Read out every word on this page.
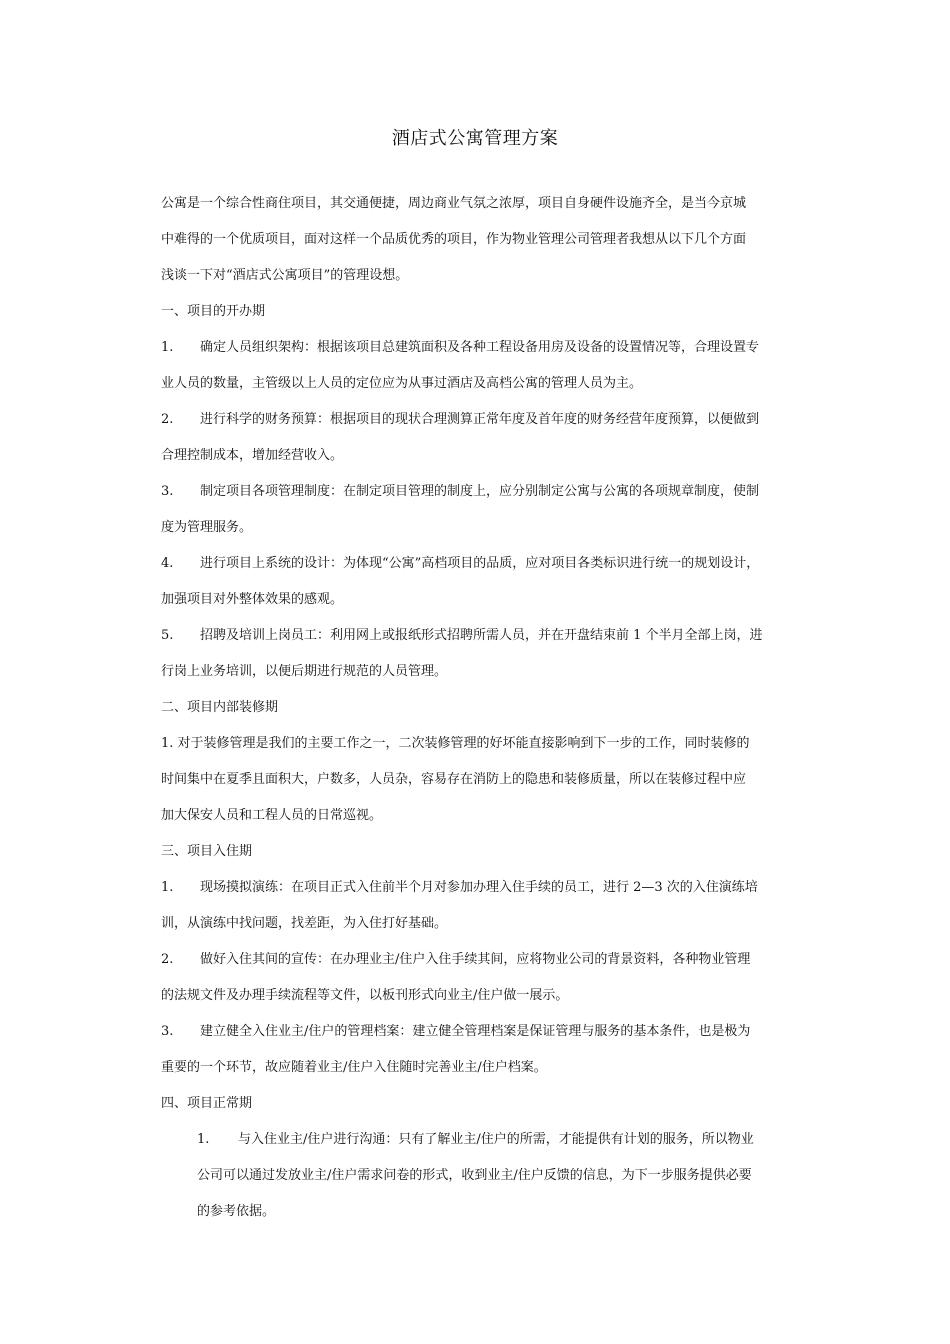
酒店式公寓管理方案
公寓是一个综合性商住项目，其交通便捷，周边商业气氛之浓厚，项目自身硬件设施齐全，是当今京城
中难得的一个优质项目，面对这样一个品质优秀的项目，作为物业管理公司管理者我想从以下几个方面
浅谈一下对“酒店式公寓项目”的管理设想。
一、项目的开办期
1. 确定人员组织架构：根据该项目总建筑面积及各种工程设备用房及设备的设置情况等，合理设置专
业人员的数量，主管级以上人员的定位应为从事过酒店及高档公寓的管理人员为主。
2. 进行科学的财务预算：根据项目的现状合理测算正常年度及首年度的财务经营年度预算，以便做到
合理控制成本，增加经营收入。
3. 制定项目各项管理制度：在制定项目管理的制度上，应分别制定公寓与公寓的各项规章制度，使制
度为管理服务。
4. 进行项目上系统的设计：为体现“公寓”高档项目的品质，应对项目各类标识进行统一的规划设计，
加强项目对外整体效果的感观。
5. 招聘及培训上岗员工：利用网上或报纸形式招聘所需人员，并在开盘结束前 1 个半月全部上岗，进
行岗上业务培训，以便后期进行规范的人员管理。
二、项目内部装修期
1. 对于装修管理是我们的主要工作之一，二次装修管理的好坏能直接影响到下一步的工作，同时装修的
时间集中在夏季且面积大，户数多，人员杂，容易存在消防上的隐患和装修质量，所以在装修过程中应
加大保安人员和工程人员的日常巡视。
三、项目入住期
1. 现场摸拟演练：在项目正式入住前半个月对参加办理入住手续的员工，进行 2—3 次的入住演练培
训，从演练中找问题，找差距，为入住打好基础。
2. 做好入住其间的宣传：在办理业主/住户入住手续其间，应将物业公司的背景资料，各种物业管理
的法规文件及办理手续流程等文件，以板刊形式向业主/住户做一展示。
3. 建立健全入住业主/住户的管理档案：建立健全管理档案是保证管理与服务的基本条件，也是极为
重要的一个环节，故应随着业主/住户入住随时完善业主/住户档案。
四、项目正常期
1. 与入住业主/住户进行沟通：只有了解业主/住户的所需，才能提供有计划的服务，所以物业
公司可以通过发放业主/住户需求问卷的形式，收到业主/住户反馈的信息，为下一步服务提供必要
的参考依据。
